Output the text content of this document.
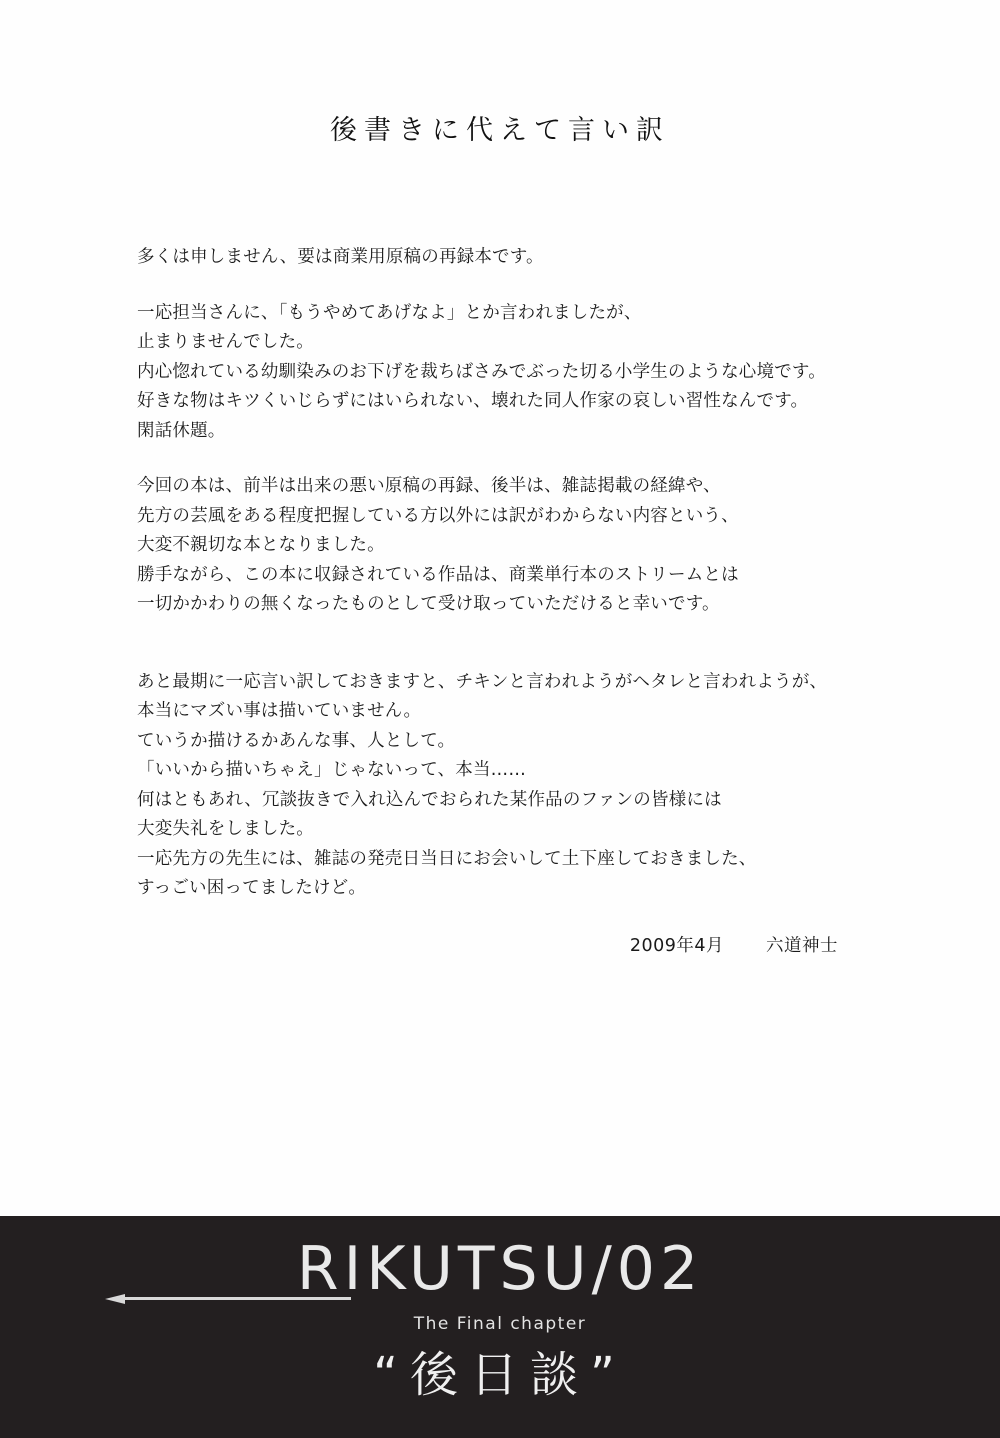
後書きに代えて言い訳

多くは申しません、要は商業用原稿の再録本です。

一応担当さんに、「もうやめてあげなよ」とか言われましたが、
止まりませんでした。
内心惚れている幼馴染みのお下げを裁ちばさみでぶった切る小学生のような心境です。
好きな物はキツくいじらずにはいられない、壊れた同人作家の哀しい習性なんです。
閑話休題。

今回の本は、前半は出来の悪い原稿の再録、後半は、雑誌掲載の経緯や、
先方の芸風をある程度把握している方以外には訳がわからない内容という、
大変不親切な本となりました。
勝手ながら、この本に収録されている作品は、商業単行本のストリームとは
一切かかわりの無くなったものとして受け取っていただけると幸いです。

あと最期に一応言い訳しておきますと、チキンと言われようがヘタレと言われようが、
本当にマズい事は描いていません。
ていうか描けるかあんな事、人として。
「いいから描いちゃえ」じゃないって、本当……
何はともあれ、冗談抜きで入れ込んでおられた某作品のファンの皆様には
大変失礼をしました。
一応先方の先生には、雑誌の発売日当日にお会いして土下座しておきました、
すっごい困ってましたけど。

2009年4月 六道神士
RIKUTSU/02
The Final chapter
“後日談”
